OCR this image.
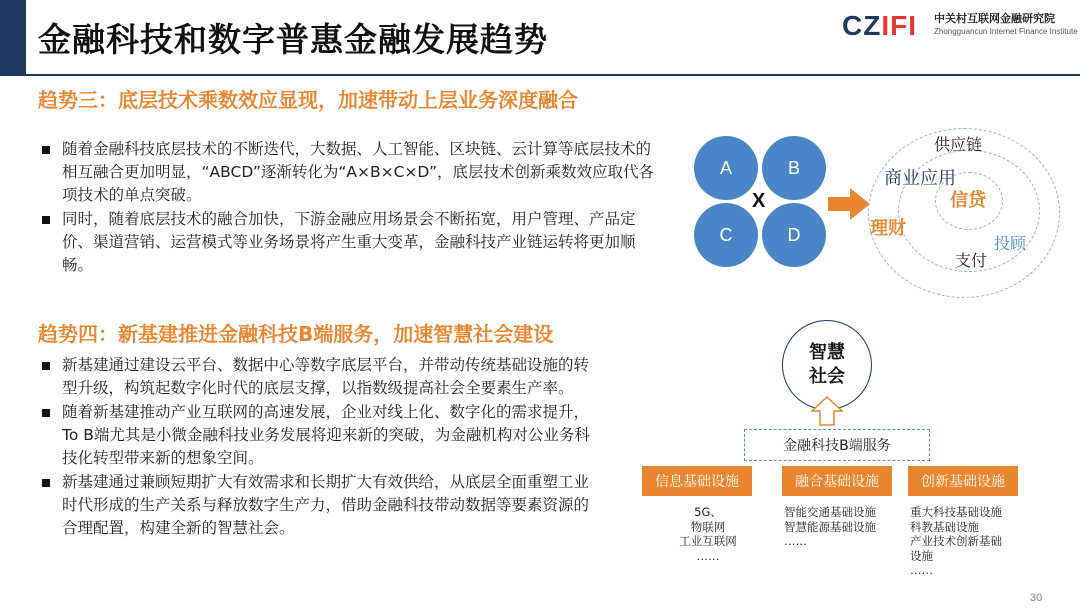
金融科技和数字普惠金融发展趋势	CZIFI 中关村互联网金融研究院
Zhongguancun Internet Finance Institute
趋势三：底层技术乘数效应显现，加速带动上层业务深度融合
随着金融科技底层技术的不断迭代，大数据、人工智能、区块链、云计算等底层技术的相互融合更加明显，“ABCD”逐渐转化为“A×B×C×D”，底层技术创新乘数效应取代各项技术的单点突破。
同时，随着底层技术的融合加快，下游金融应用场景会不断拓宽，用户管理、产品定价、渠道营销、运营模式等业务场景将产生重大变革，金融科技产业链运转将更加顺畅。
趋势四：新基建推进金融科技B端服务，加速智慧社会建设
新基建通过建设云平台、数据中心等数字底层平台，并带动传统基础设施的转型升级，构筑起数字化时代的底层支撑，以指数级提高社会全要素生产率。
随着新基建推动产业互联网的高速发展，企业对线上化、数字化的需求提升，To B端尤其是小微金融科技业务发展将迎来新的突破，为金融机构对公业务科技化转型带来新的想象空间。
新基建通过兼顾短期扩大有效需求和长期扩大有效供给，从底层全面重塑工业时代形成的生产关系与释放数字生产力，借助金融科技带动数据等要素资源的合理配置，构建全新的智慧社会。
A	B
C	D
X
供应链
商业应用
信贷
理财
投顾
支付
智慧社会
金融科技B端服务
信息基础设施	融合基础设施	创新基础设施
5G、
物联网
工业互联网
……
智能交通基础设施
智慧能源基础设施
……
重大科技基础设施
科教基础设施
产业技术创新基础
设施
……
30
